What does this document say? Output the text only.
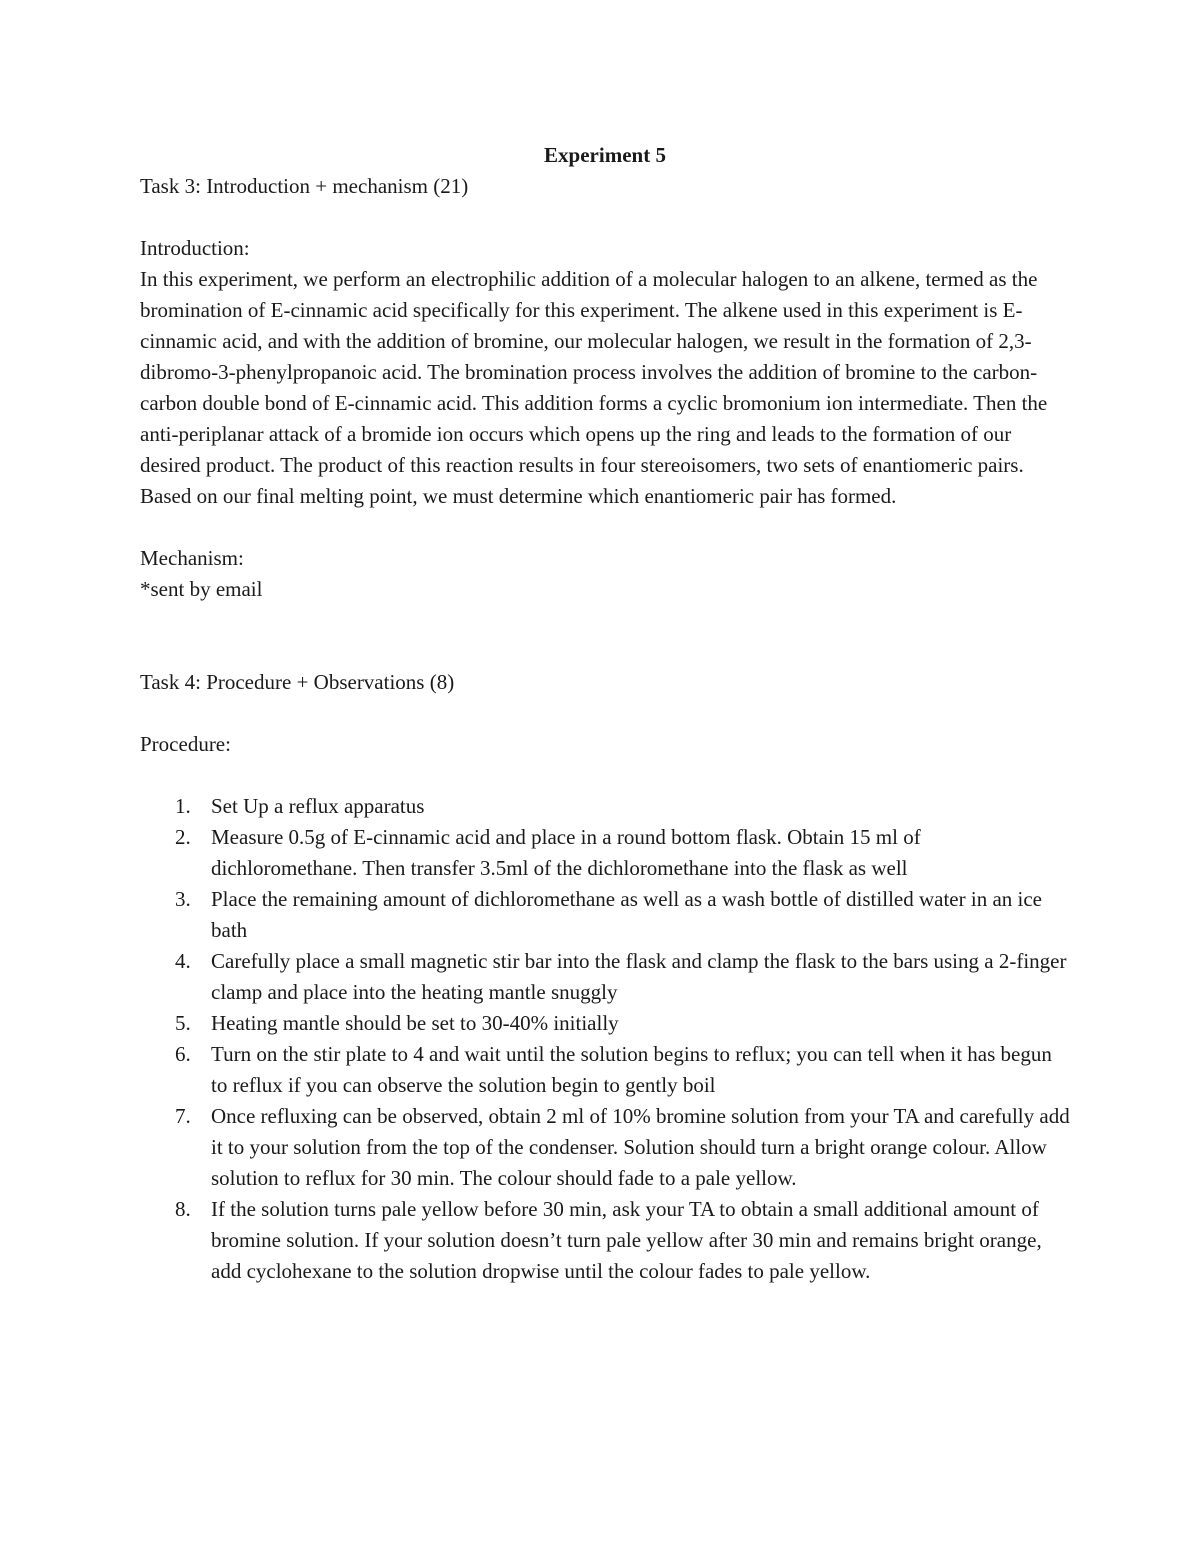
Experiment 5

Task 3: Introduction + mechanism (21)

Introduction:

In this experiment, we perform an electrophilic addition of a molecular halogen to an alkene, termed as the bromination of E-cinnamic acid specifically for this experiment. The alkene used in this experiment is E-cinnamic acid, and with the addition of bromine, our molecular halogen, we result in the formation of 2,3-dibromo-3-phenylpropanoic acid. The bromination process involves the addition of bromine to the carbon-carbon double bond of E-cinnamic acid. This addition forms a cyclic bromonium ion intermediate. Then the anti-periplanar attack of a bromide ion occurs which opens up the ring and leads to the formation of our desired product. The product of this reaction results in four stereoisomers, two sets of enantiomeric pairs. Based on our final melting point, we must determine which enantiomeric pair has formed.

Mechanism:

*sent by email

Task 4: Procedure + Observations (8)

Procedure:

1. Set Up a reflux apparatus
2. Measure 0.5g of E-cinnamic acid and place in a round bottom flask. Obtain 15 ml of dichloromethane. Then transfer 3.5ml of the dichloromethane into the flask as well
3. Place the remaining amount of dichloromethane as well as a wash bottle of distilled water in an ice bath
4. Carefully place a small magnetic stir bar into the flask and clamp the flask to the bars using a 2-finger clamp and place into the heating mantle snuggly
5. Heating mantle should be set to 30-40% initially
6. Turn on the stir plate to 4 and wait until the solution begins to reflux; you can tell when it has begun to reflux if you can observe the solution begin to gently boil
7. Once refluxing can be observed, obtain 2 ml of 10% bromine solution from your TA and carefully add it to your solution from the top of the condenser. Solution should turn a bright orange colour. Allow solution to reflux for 30 min. The colour should fade to a pale yellow.
8. If the solution turns pale yellow before 30 min, ask your TA to obtain a small additional amount of bromine solution. If your solution doesn’t turn pale yellow after 30 min and remains bright orange, add cyclohexane to the solution dropwise until the colour fades to pale yellow.
